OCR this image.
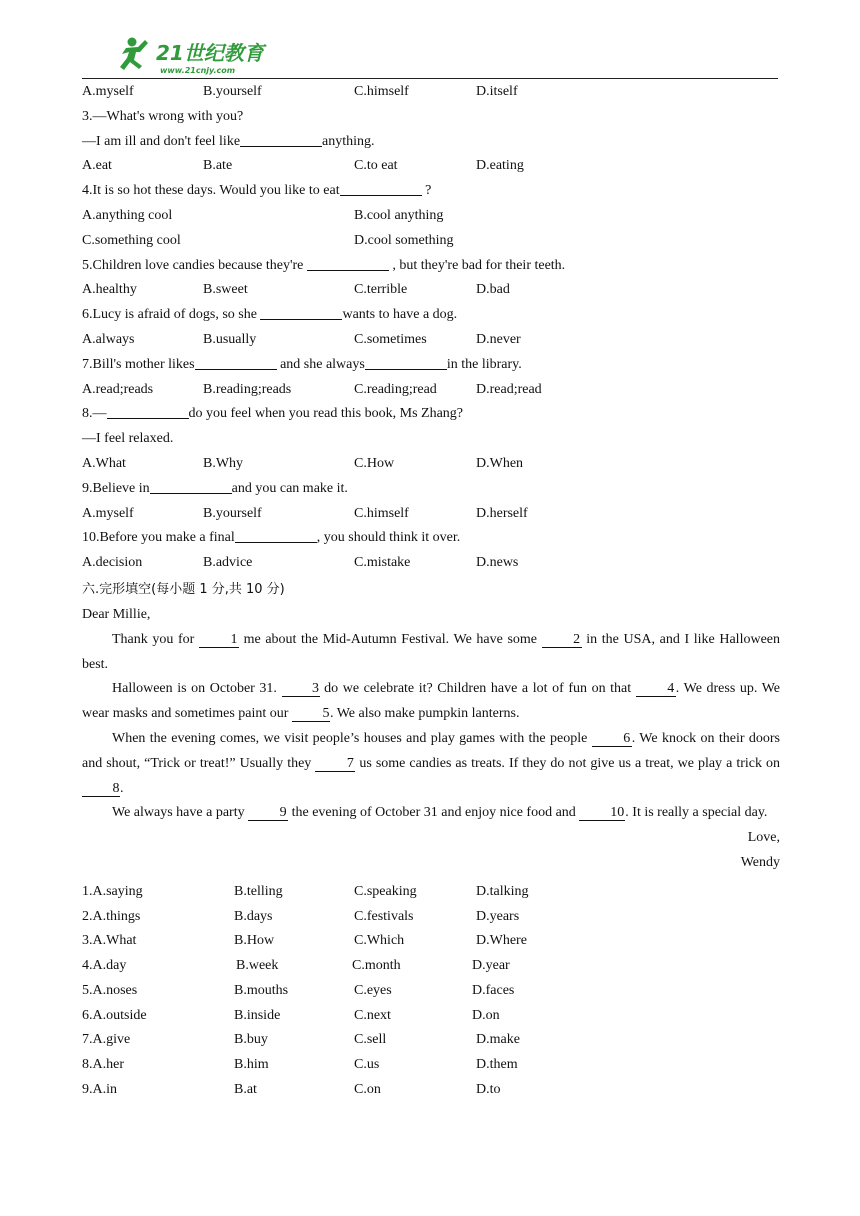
21世纪教育
www.21cnjy.com
A.myself	B.yourself	C.himself	D.itself
3.—What's wrong with you?
—I am ill and don't feel like	anything.
A.eat	B.ate	C.to eat	D.eating
4.It is so hot these days. Would you like to eat	?
A.anything cool	B.cool anything
C.something cool	D.cool something
5.Children love candies because they're	, but they're bad for their teeth.
A.healthy	B.sweet	C.terrible	D.bad
6.Lucy is afraid of dogs, so she	wants to have a dog.
A.always	B.usually	C.sometimes	D.never
7.Bill's mother likes	and she always	in the library.
A.read;reads	B.reading;reads	C.reading;read	D.read;read
8.—	do you feel when you read this book, Ms Zhang?
—I feel relaxed.
A.What	B.Why	C.How	D.When
9.Believe in	and you can make it.
A.myself	B.yourself	C.himself	D.herself
10.Before you make a final	, you should think it over.
A.decision	B.advice	C.mistake	D.news
六.完形填空(每小题 1 分,共 10 分)
Dear Millie,
Thank you for 1 me about the Mid-Autumn Festival. We have some 2 in the USA, and I like Halloween best.
Halloween is on October 31. 3 do we celebrate it? Children have a lot of fun on that 4 . We dress up. We wear masks and sometimes paint our 5. We also make pumpkin lanterns.
When the evening comes, we visit people’s houses and play games with the people 6 . We knock on their doors and shout, “Trick or treat!” Usually they 7 us some candies as treats. If they do not give us a treat, we play a trick on 8.
We always have a party 9 the evening of October 31 and enjoy nice food and 10. It is really a special day.
Love,
Wendy
1.A.saying	B.telling	C.speaking	D.talking
2.A.things	B.days	C.festivals	D.years
3.A.What	B.How	C.Which	D.Where
4.A.day	B.week	C.month	D.year
5.A.noses	B.mouths	C.eyes	D.faces
6.A.outside	B.inside	C.next	D.on
7.A.give	B.buy	C.sell	D.make
8.A.her	B.him	C.us	D.them
9.A.in	B.at	C.on	D.to
